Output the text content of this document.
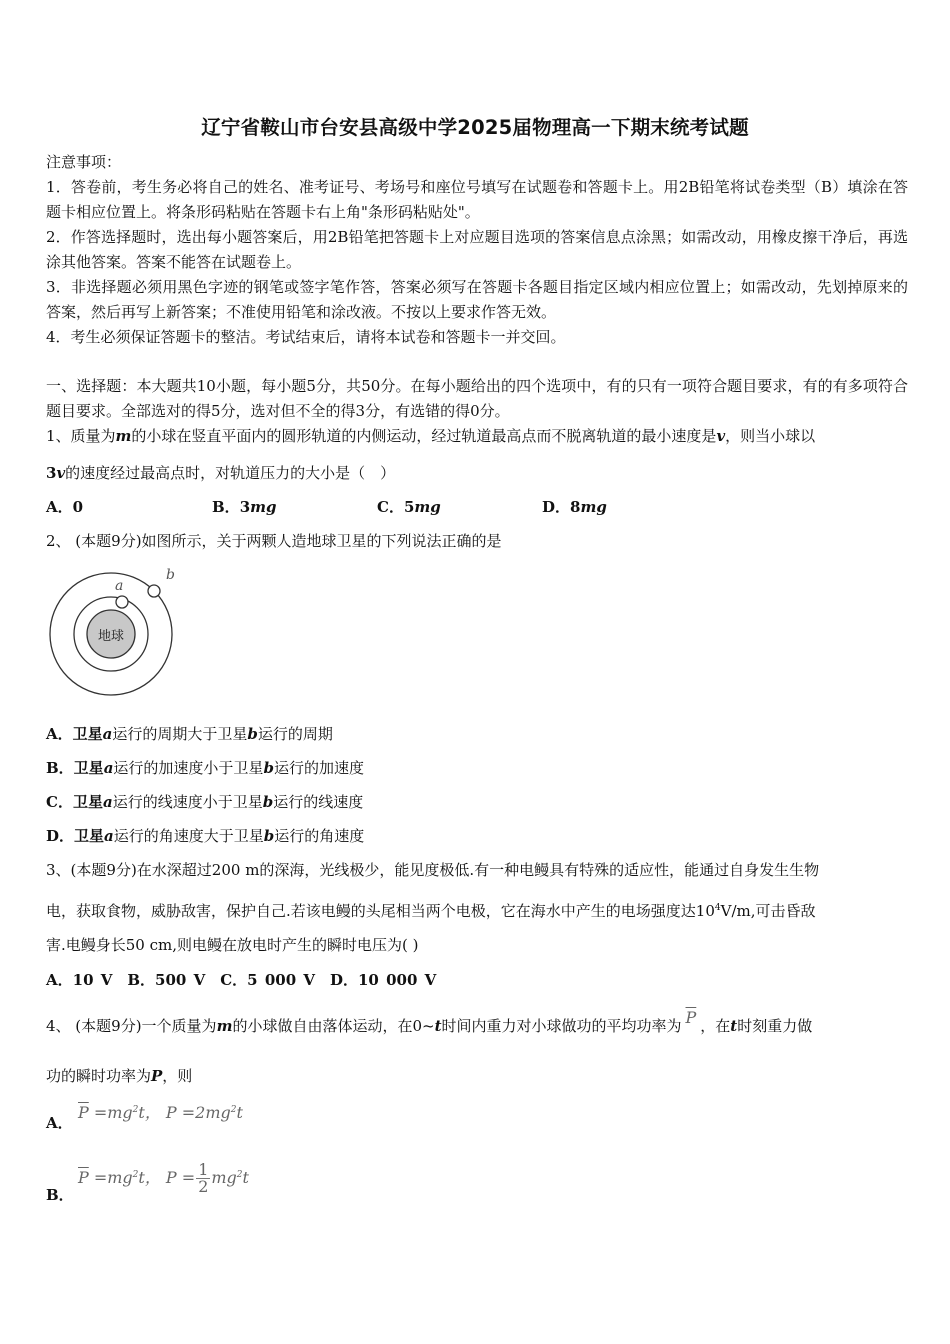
辽宁省鞍山市台安县高级中学2025届物理高一下期末统考试题
注意事项：
1．答卷前，考生务必将自己的姓名、准考证号、考场号和座位号填写在试题卷和答题卡上。用2B铅笔将试卷类型（B）填涂在答题卡相应位置上。将条形码粘贴在答题卡右上角"条形码粘贴处"。
2．作答选择题时，选出每小题答案后，用2B铅笔把答题卡上对应题目选项的答案信息点涂黑；如需改动，用橡皮擦干净后，再选涂其他答案。答案不能答在试题卷上。
3．非选择题必须用黑色字迹的钢笔或签字笔作答，答案必须写在答题卡各题目指定区域内相应位置上；如需改动，先划掉原来的答案，然后再写上新答案；不准使用铅笔和涂改液。不按以上要求作答无效。
4．考生必须保证答题卡的整洁。考试结束后，请将本试卷和答题卡一并交回。
一、选择题：本大题共10小题，每小题5分，共50分。在每小题给出的四个选项中，有的只有一项符合题目要求，有的有多项符合题目要求。全部选对的得5分，选对但不全的得3分，有选错的得0分。
1、质量为m的小球在竖直平面内的圆形轨道的内侧运动，经过轨道最高点而不脱离轨道的最小速度是v，则当小球以
3v的速度经过最高点时，对轨道压力的大小是（　）
A．0	B．3mg	C．5mg	D．8mg
2、 (本题9分)如图所示，关于两颗人造地球卫星的下列说法正确的是
地球
a
b
A．卫星a运行的周期大于卫星b运行的周期
B．卫星a运行的加速度小于卫星b运行的加速度
C．卫星a运行的线速度小于卫星b运行的线速度
D．卫星a运行的角速度大于卫星b运行的角速度
3、(本题9分)在水深超过200 m的深海，光线极少，能见度极低.有一种电鳗具有特殊的适应性，能通过自身发生生物
电，获取食物，威胁敌害，保护自己.若该电鳗的头尾相当两个电极，它在海水中产生的电场强度达$10^4V/m$,可击昏敌
害.电鳗身长50 cm,则电鳗在放电时产生的瞬时电压为( )
A．10 V　B．500 V　C．5 000 V　D．10 000 V
4、 (本题9分)一个质量为m的小球做自由落体运动，在0~t时间内重力对小球做功的平均功率为 $\overline{P}$ ，在t时刻重力做
功的瞬时功率为P，则
A．
$\overline{P} =mg^2t$， $P =2mg^2t$
B．
$\overline{P} =mg^2t$， $P = \frac{1}{2} mg^2t$
